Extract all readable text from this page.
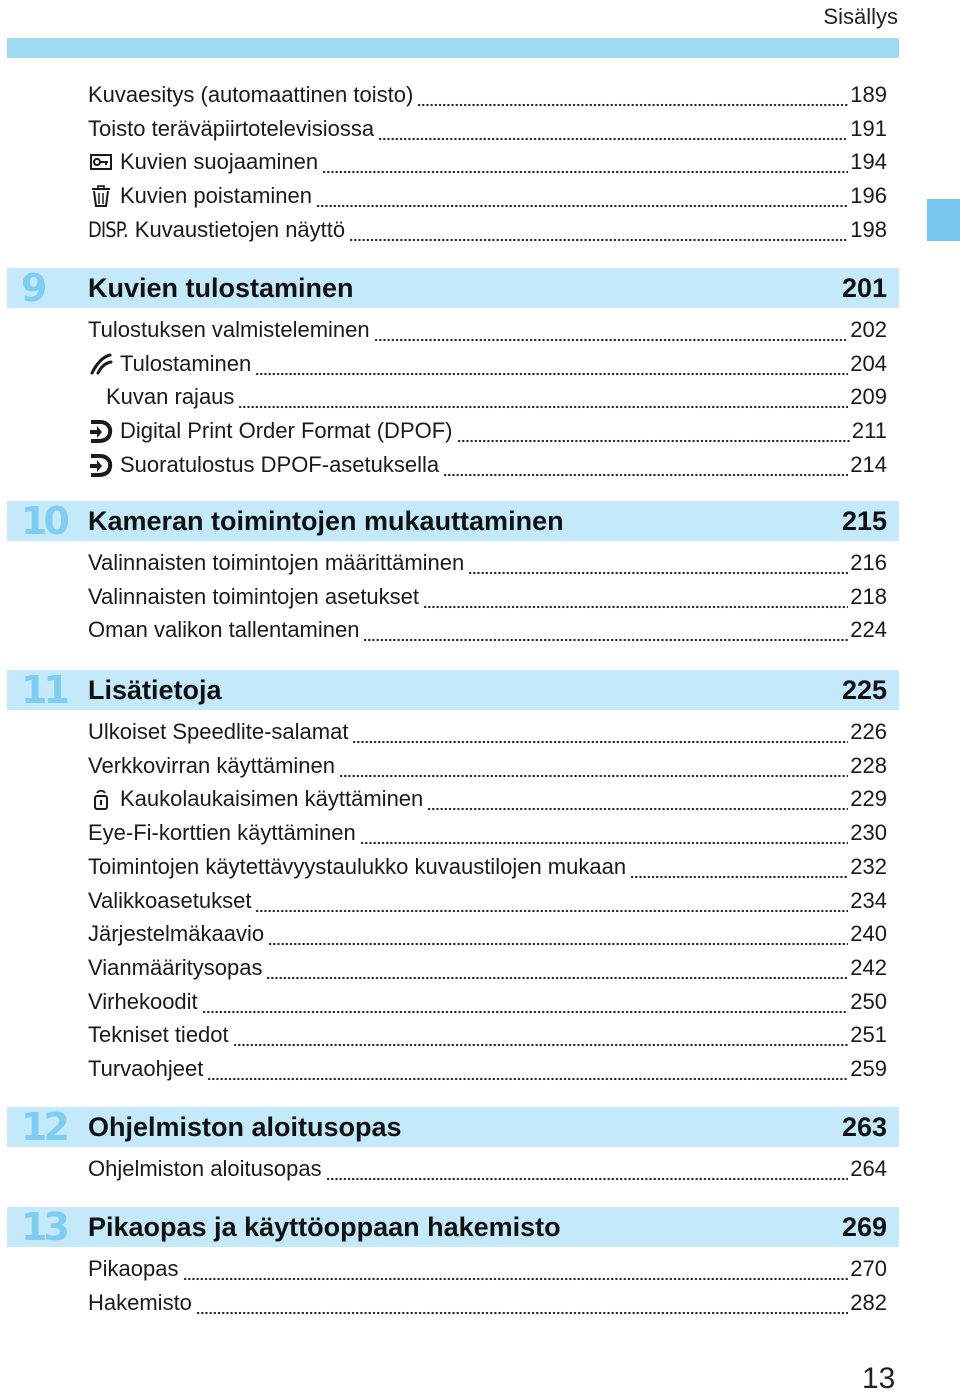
Sisällys
Kuvaesitys (automaattinen toisto)	189
Toisto teräväpiirtotelevisiossa	191
Kuvien suojaaminen	194
Kuvien poistaminen	196
DISP. Kuvaustietojen näyttö	198
9	Kuvien tulostaminen	201
Tulostuksen valmisteleminen	202
Tulostaminen	204
Kuvan rajaus	209
Digital Print Order Format (DPOF)	211
Suoratulostus DPOF-asetuksella	214
10 Kameran toimintojen mukauttaminen	215
Valinnaisten toimintojen määrittäminen	216
Valinnaisten toimintojen asetukset	218
Oman valikon tallentaminen	224
11 Lisätietoja	225
Ulkoiset Speedlite-salamat	226
Verkkovirran käyttäminen	228
Kaukolaukaisimen käyttäminen	229
Eye-Fi-korttien käyttäminen	230
Toimintojen käytettävyystaulukko kuvaustilojen mukaan	232
Valikkoasetukset	234
Järjestelmäkaavio	240
Vianmääritysopas	242
Virhekoodit	250
Tekniset tiedot	251
Turvaohjeet	259
12 Ohjelmiston aloitusopas	263
Ohjelmiston aloitusopas	264
13 Pikaopas ja käyttöoppaan hakemisto	269
Pikaopas	270
Hakemisto	282
13
